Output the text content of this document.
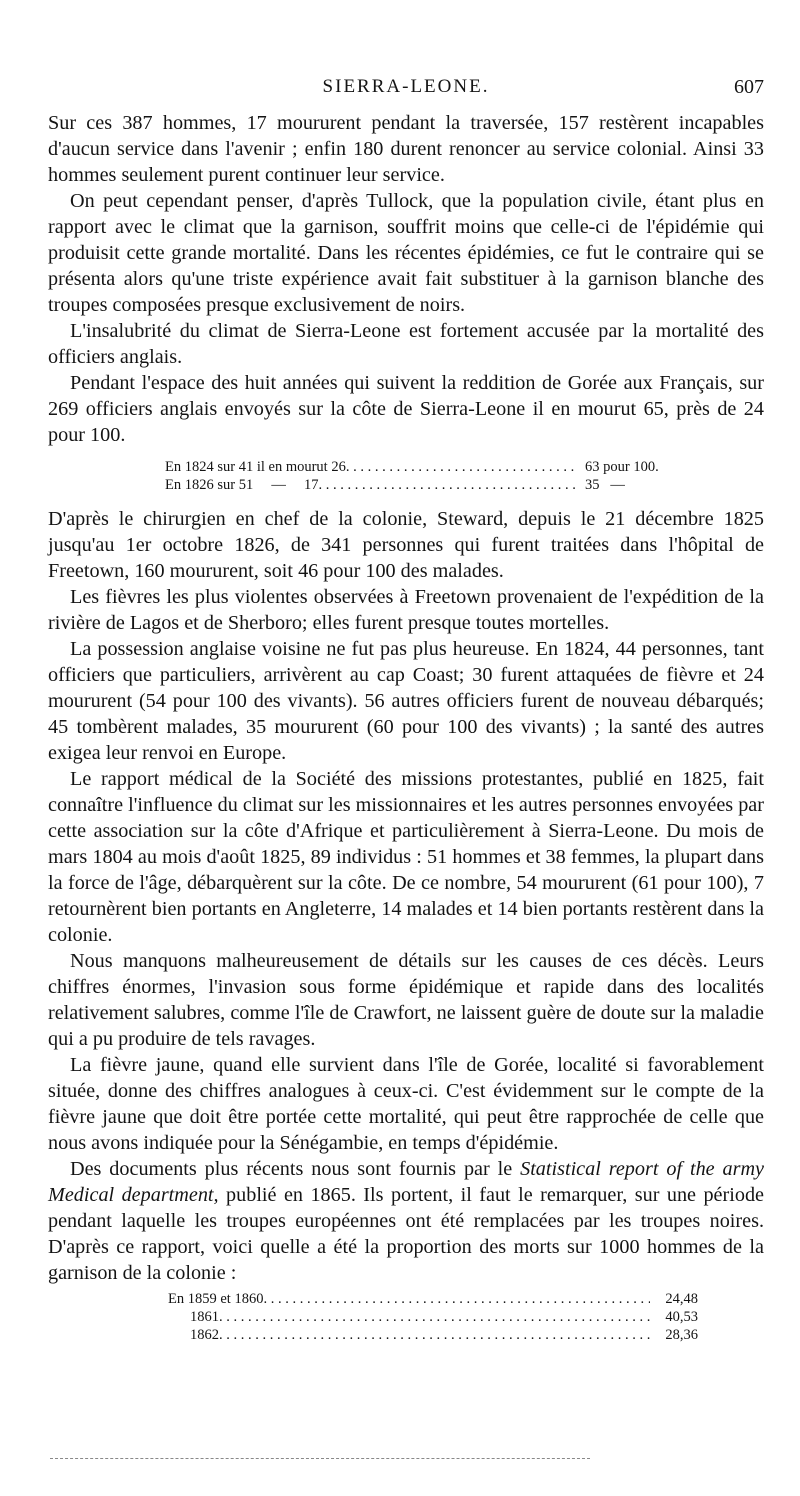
SIERRA-LEONE.	607

Sur ces 387 hommes, 17 moururent pendant la traversée, 157 restèrent incapables d'aucun service dans l'avenir ; enfin 180 durent renoncer au service colonial. Ainsi 33 hommes seulement purent continuer leur service.

On peut cependant penser, d'après Tullock, que la population civile, étant plus en rapport avec le climat que la garnison, souffrit moins que celle-ci de l'épidémie qui produisit cette grande mortalité. Dans les récentes épidémies, ce fut le contraire qui se présenta alors qu'une triste expérience avait fait substituer à la garnison blanche des troupes composées presque exclusivement de noirs.

L'insalubrité du climat de Sierra-Leone est fortement accusée par la mortalité des officiers anglais.

Pendant l'espace des huit années qui suivent la reddition de Gorée aux Français, sur 269 officiers anglais envoyés sur la côte de Sierra-Leone il en mourut 65, près de 24 pour 100.

En 1824 sur 41 il en mourut 26 . . .	63 pour 100.
En 1826 sur 51     —     17 . . .	35   —

D'après le chirurgien en chef de la colonie, Steward, depuis le 21 décembre 1825 jusqu'au 1er octobre 1826, de 341 personnes qui furent traitées dans l'hôpital de Freetown, 160 moururent, soit 46 pour 100 des malades.

Les fièvres les plus violentes observées à Freetown provenaient de l'expédition de la rivière de Lagos et de Sherboro; elles furent presque toutes mortelles.

La possession anglaise voisine ne fut pas plus heureuse. En 1824, 44 personnes, tant officiers que particuliers, arrivèrent au cap Coast; 30 furent attaquées de fièvre et 24 moururent (54 pour 100 des vivants). 56 autres officiers furent de nouveau débarqués; 45 tombèrent malades, 35 moururent (60 pour 100 des vivants) ; la santé des autres exigea leur renvoi en Europe.

Le rapport médical de la Société des missions protestantes, publié en 1825, fait connaître l'influence du climat sur les missionnaires et les autres personnes envoyées par cette association sur la côte d'Afrique et particulièrement à Sierra-Leone. Du mois de mars 1804 au mois d'août 1825, 89 individus : 51 hommes et 38 femmes, la plupart dans la force de l'âge, débarquèrent sur la côte. De ce nombre, 54 moururent (61 pour 100), 7 retournèrent bien portants en Angleterre, 14 malades et 14 bien portants restèrent dans la colonie.

Nous manquons malheureusement de détails sur les causes de ces décès. Leurs chiffres énormes, l'invasion sous forme épidémique et rapide dans des localités relativement salubres, comme l'île de Crawfort, ne laissent guère de doute sur la maladie qui a pu produire de tels ravages.

La fièvre jaune, quand elle survient dans l'île de Gorée, localité si favorablement située, donne des chiffres analogues à ceux-ci. C'est évidemment sur le compte de la fièvre jaune que doit être portée cette mortalité, qui peut être rapprochée de celle que nous avons indiquée pour la Sénégambie, en temps d'épidémie.

Des documents plus récents nous sont fournis par le Statistical report of the army Medical department, publié en 1865. Ils portent, il faut le remarquer, sur une période pendant laquelle les troupes européennes ont été remplacées par les troupes noires. D'après ce rapport, voici quelle a été la proportion des morts sur 1000 hommes de la garnison de la colonie :

En 1859 et 1860 . . .	24,48
1861 . . .	40,53
1862 . . .	28,36
